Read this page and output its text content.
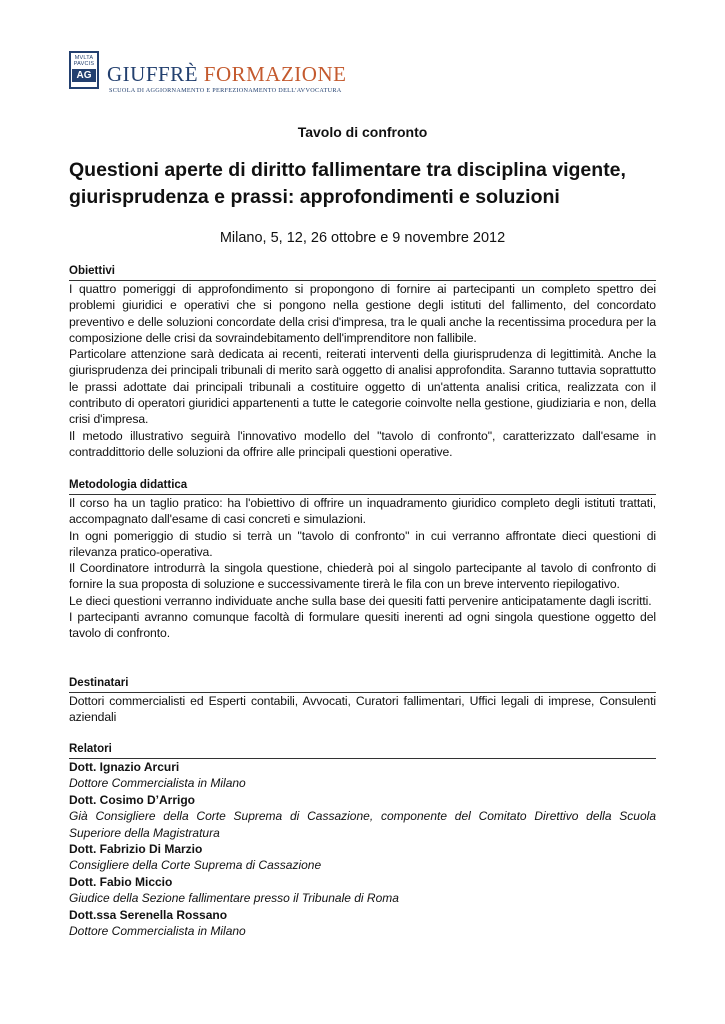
MVLTA
PAVCIS
AG GIUFFRÈ FORMAZIONE
SCUOLA DI AGGIORNAMENTO E PERFEZIONAMENTO DELL'AVVOCATURA
Tavolo di confronto
Questioni aperte di diritto fallimentare tra disciplina vigente, giurisprudenza e prassi: approfondimenti e soluzioni
Milano, 5, 12, 26 ottobre e 9 novembre 2012
Obiettivi

I quattro pomeriggi di approfondimento si propongono di fornire ai partecipanti un completo spettro dei problemi giuridici e operativi che si pongono nella gestione degli istituti del fallimento, del concordato preventivo e delle soluzioni concordate della crisi d'impresa, tra le quali anche la recentissima procedura per la composizione delle crisi da sovraindebitamento dell'imprenditore non fallibile.

Particolare attenzione sarà dedicata ai recenti, reiterati interventi della giurisprudenza di legittimità. Anche la giurisprudenza dei principali tribunali di merito sarà oggetto di analisi approfondita. Saranno tuttavia soprattutto le prassi adottate dai principali tribunali a costituire oggetto di un'attenta analisi critica, realizzata con il contributo di operatori giuridici appartenenti a tutte le categorie coinvolte nella gestione, giudiziaria e non, della crisi d'impresa.

Il metodo illustrativo seguirà l'innovativo modello del "tavolo di confronto", caratterizzato dall'esame in contraddittorio delle soluzioni da offrire alle principali questioni operative.

Metodologia didattica

Il corso ha un taglio pratico: ha l'obiettivo di offrire un inquadramento giuridico completo degli istituti trattati, accompagnato dall'esame di casi concreti e simulazioni.

In ogni pomeriggio di studio si terrà un "tavolo di confronto" in cui verranno affrontate dieci questioni di rilevanza pratico-operativa.

Il Coordinatore introdurrà la singola questione, chiederà poi al singolo partecipante al tavolo di confronto di fornire la sua proposta di soluzione e successivamente tirerà le fila con un breve intervento riepilogativo.

Le dieci questioni verranno individuate anche sulla base dei quesiti fatti pervenire anticipatamente dagli iscritti.

I partecipanti avranno comunque facoltà di formulare quesiti inerenti ad ogni singola questione oggetto del tavolo di confronto.

Destinatari

Dottori commercialisti ed Esperti contabili, Avvocati, Curatori fallimentari, Uffici legali di imprese, Consulenti aziendali

Relatori
Dott. Ignazio Arcuri
Dottore Commercialista in Milano
Dott. Cosimo D’Arrigo
Già Consigliere della Corte Suprema di Cassazione, componente del Comitato Direttivo della Scuola Superiore della Magistratura
Dott. Fabrizio Di Marzio
Consigliere della Corte Suprema di Cassazione
Dott. Fabio Miccio
Giudice della Sezione fallimentare presso il Tribunale di Roma
Dott.ssa Serenella Rossano
Dottore Commercialista in Milano
